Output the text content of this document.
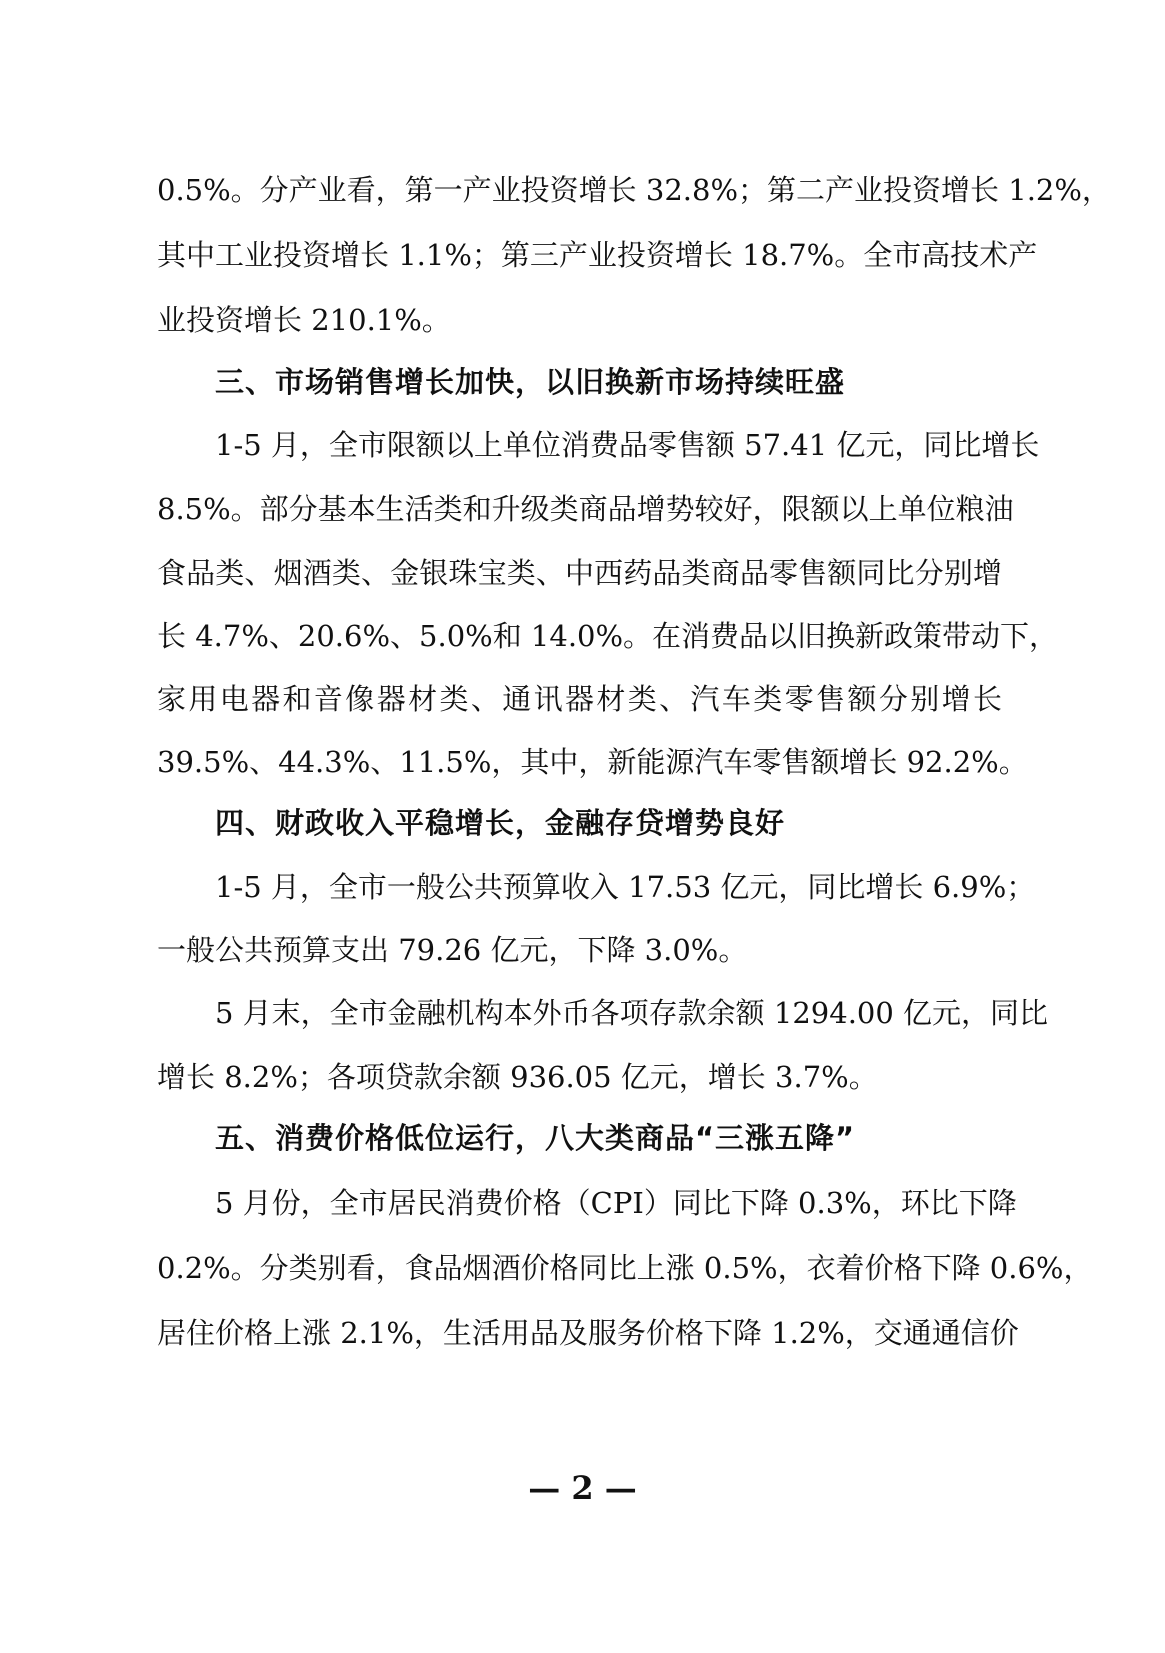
0.5%。分产业看，第一产业投资增长 32.8%；第二产业投资增长 1.2%，
其中工业投资增长 1.1%；第三产业投资增长 18.7%。全市高技术产
业投资增长 210.1%。
三、市场销售增长加快，以旧换新市场持续旺盛
1-5 月，全市限额以上单位消费品零售额 57.41 亿元，同比增长
8.5%。部分基本生活类和升级类商品增势较好，限额以上单位粮油
食品类、烟酒类、金银珠宝类、中西药品类商品零售额同比分别增
长 4.7%、20.6%、5.0%和 14.0%。在消费品以旧换新政策带动下，
家用电器和音像器材类、通讯器材类、汽车类零售额分别增长
39.5%、44.3%、11.5%，其中，新能源汽车零售额增长 92.2%。
四、财政收入平稳增长，金融存贷增势良好
1-5 月，全市一般公共预算收入 17.53 亿元，同比增长 6.9%；
一般公共预算支出 79.26 亿元，下降 3.0%。
5 月末，全市金融机构本外币各项存款余额 1294.00 亿元，同比
增长 8.2%；各项贷款余额 936.05 亿元，增长 3.7%。
五、消费价格低位运行，八大类商品“三涨五降”
5 月份，全市居民消费价格（CPI）同比下降 0.3%，环比下降
0.2%。分类别看，食品烟酒价格同比上涨 0.5%，衣着价格下降 0.6%，
居住价格上涨 2.1%，生活用品及服务价格下降 1.2%，交通通信价
— 2 —
